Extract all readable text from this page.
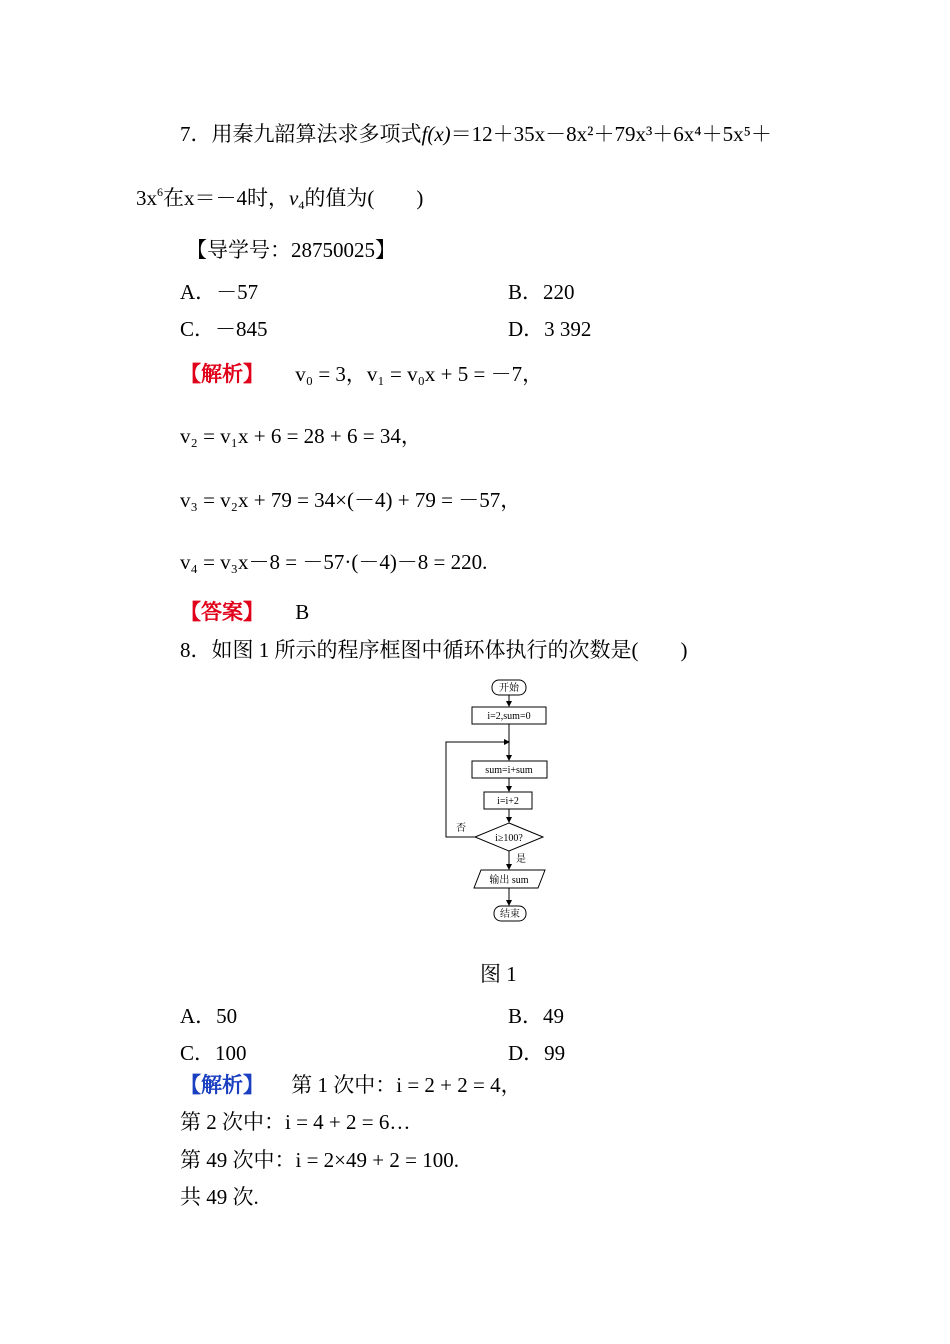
7．用秦九韶算法求多项式f(x)＝12＋35x－8x²＋79x³＋6x⁴＋5x⁵＋
$3x^6$在x＝－4时，$v_4$的值为(　　)
【导学号：28750025】
A．－57	B．220
C．－845	D．3 392
【解析】 v₀ = 3，v₁ = v₀x + 5 = －7，
v₂ = v₁x + 6 = 28 + 6 = 34，
v₃ = v₂x + 79 = 34×(－4) + 79 = －57，
v₄ = v₃x－8 = －57·(－4)－8 = 220.
【答案】 B
8．如图 1 所示的程序框图中循环体执行的次数是(　　)
开始
i=2,sum=0
sum=i+sum
i=i+2
i≥100?
否
是
输出 sum
结束
图 1
A．50	B．49
C．100	D．99
【解析】 第 1 次中：i = 2 + 2 = 4，
第 2 次中：i = 4 + 2 = 6…
第 49 次中：i = 2×49 + 2 = 100.
共 49 次.
